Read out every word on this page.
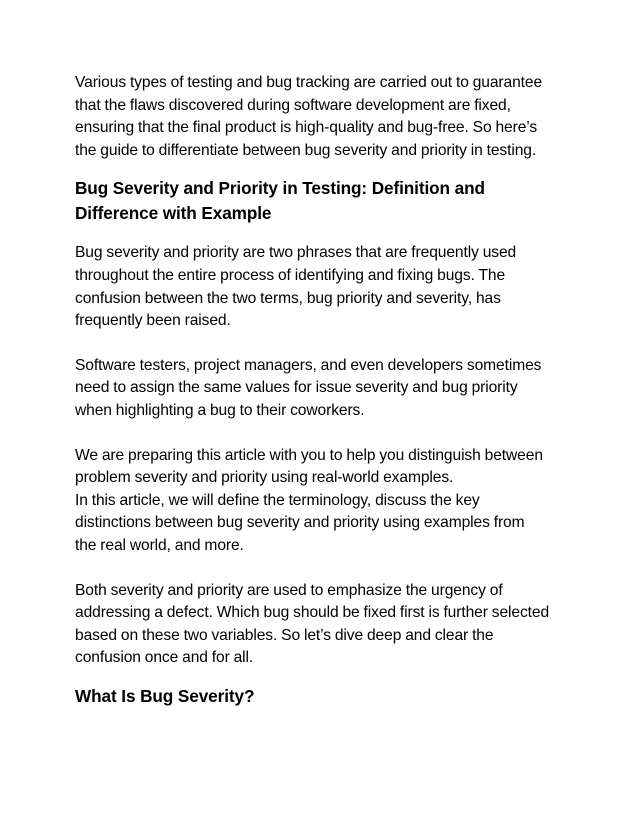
Various types of testing and bug tracking are carried out to guarantee
that the flaws discovered during software development are fixed,
ensuring that the final product is high-quality and bug-free. So here’s
the guide to differentiate between bug severity and priority in testing.

Bug Severity and Priority in Testing: Definition and
Difference with Example

Bug severity and priority are two phrases that are frequently used
throughout the entire process of identifying and fixing bugs. The
confusion between the two terms, bug priority and severity, has
frequently been raised.

Software testers, project managers, and even developers sometimes
need to assign the same values for issue severity and bug priority
when highlighting a bug to their coworkers.

We are preparing this article with you to help you distinguish between
problem severity and priority using real-world examples.
In this article, we will define the terminology, discuss the key
distinctions between bug severity and priority using examples from
the real world, and more.

Both severity and priority are used to emphasize the urgency of
addressing a defect. Which bug should be fixed first is further selected
based on these two variables. So let’s dive deep and clear the
confusion once and for all.

What Is Bug Severity?
